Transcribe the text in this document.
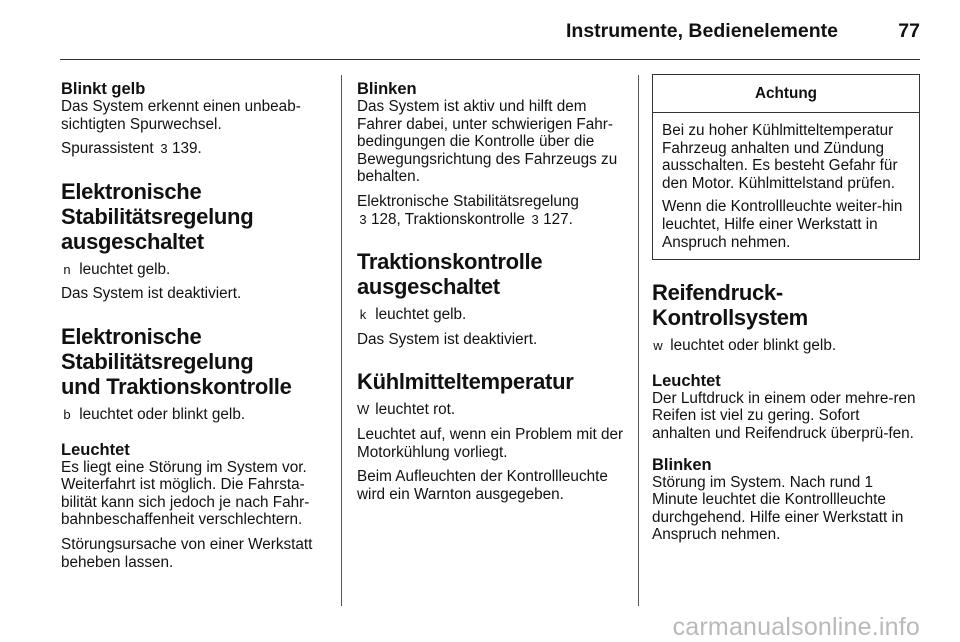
Instrumente, Bedienelemente	77
Blinkt gelb

Das System erkennt einen unbeab-sichtigten Spurwechsel.

Spurassistent 3 139.

Elektronische Stabilitätsregelung ausgeschaltet

n leuchtet gelb.

Das System ist deaktiviert.

Elektronische Stabilitätsregelung und Traktionskontrolle

b leuchtet oder blinkt gelb.

Leuchtet

Es liegt eine Störung im System vor. Weiterfahrt ist möglich. Die Fahrsta-bilität kann sich jedoch je nach Fahr-bahnbeschaffenheit verschlechtern.

Störungsursache von einer Werkstatt beheben lassen.

Blinken

Das System ist aktiv und hilft dem Fahrer dabei, unter schwierigen Fahr-bedingungen die Kontrolle über die Bewegungsrichtung des Fahrzeugs zu behalten.

Elektronische Stabilitätsregelung
3 128, Traktionskontrolle 3 127.

Traktionskontrolle ausgeschaltet

k leuchtet gelb.

Das System ist deaktiviert.

Kühlmitteltemperatur

W leuchtet rot.

Leuchtet auf, wenn ein Problem mit der Motorkühlung vorliegt.

Beim Aufleuchten der Kontrollleuchte wird ein Warnton ausgegeben.

Achtung

Bei zu hoher Kühlmitteltemperatur Fahrzeug anhalten und Zündung ausschalten. Es besteht Gefahr für den Motor. Kühlmittelstand prüfen.

Wenn die Kontrollleuchte weiter-hin leuchtet, Hilfe einer Werkstatt in Anspruch nehmen.

Reifendruck-Kontrollsystem

w leuchtet oder blinkt gelb.

Leuchtet

Der Luftdruck in einem oder mehre-ren Reifen ist viel zu gering. Sofort anhalten und Reifendruck überprü-fen.

Blinken

Störung im System. Nach rund 1 Minute leuchtet die Kontrollleuchte durchgehend. Hilfe einer Werkstatt in Anspruch nehmen.

carmanualsonline.info
